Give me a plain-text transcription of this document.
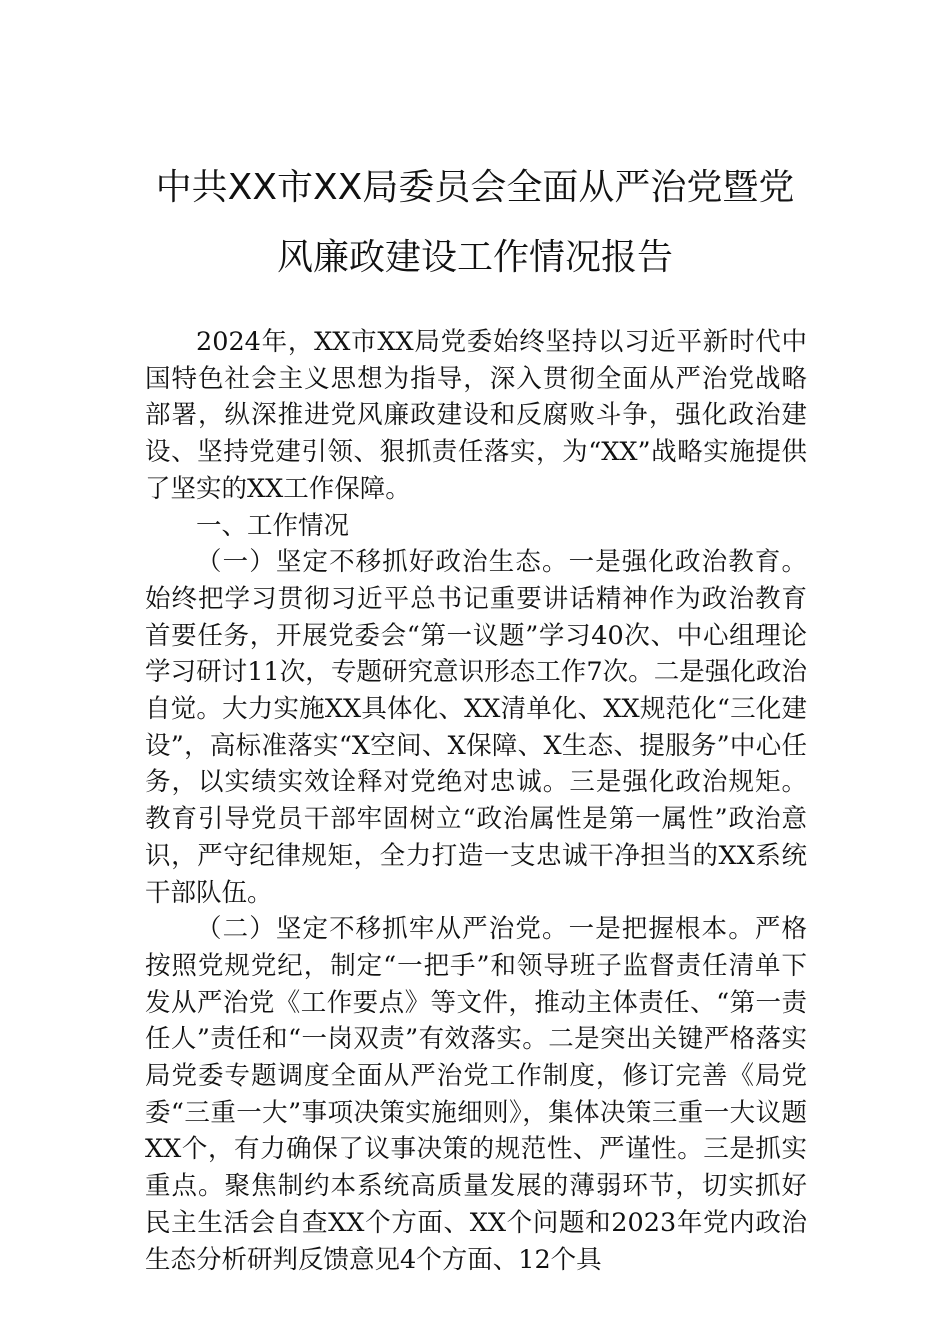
中共XX市XX局委员会全面从严治党暨党
风廉政建设工作情况报告

2024年，XX市XX局党委始终坚持以习近平新时代中国特色社会主义思想为指导，深入贯彻全面从严治党战略部署，纵深推进党风廉政建设和反腐败斗争，强化政治建设、坚持党建引领、狠抓责任落实，为“XX”战略实施提供了坚实的XX工作保障。

一、工作情况

（一）坚定不移抓好政治生态。一是强化政治教育。始终把学习贯彻习近平总书记重要讲话精神作为政治教育首要任务，开展党委会“第一议题”学习40次、中心组理论学习研讨11次，专题研究意识形态工作7次。二是强化政治自觉。大力实施XX具体化、XX清单化、XX规范化“三化建设”，高标准落实“X空间、X保障、X生态、提服务”中心任务，以实绩实效诠释对党绝对忠诚。三是强化政治规矩。教育引导党员干部牢固树立“政治属性是第一属性”政治意识，严守纪律规矩，全力打造一支忠诚干净担当的XX系统干部队伍。

（二）坚定不移抓牢从严治党。一是把握根本。严格按照党规党纪，制定“一把手”和领导班子监督责任清单下发从严治党《工作要点》等文件，推动主体责任、“第一责任人”责任和“一岗双责”有效落实。二是突出关键严格落实局党委专题调度全面从严治党工作制度，修订完善《局党委“三重一大”事项决策实施细则》，集体决策三重一大议题XX个，有力确保了议事决策的规范性、严谨性。三是抓实重点。聚焦制约本系统高质量发展的薄弱环节，切实抓好民主生活会自查XX个方面、XX个问题和2023年党内政治生态分析研判反馈意见4个方面、12个具
